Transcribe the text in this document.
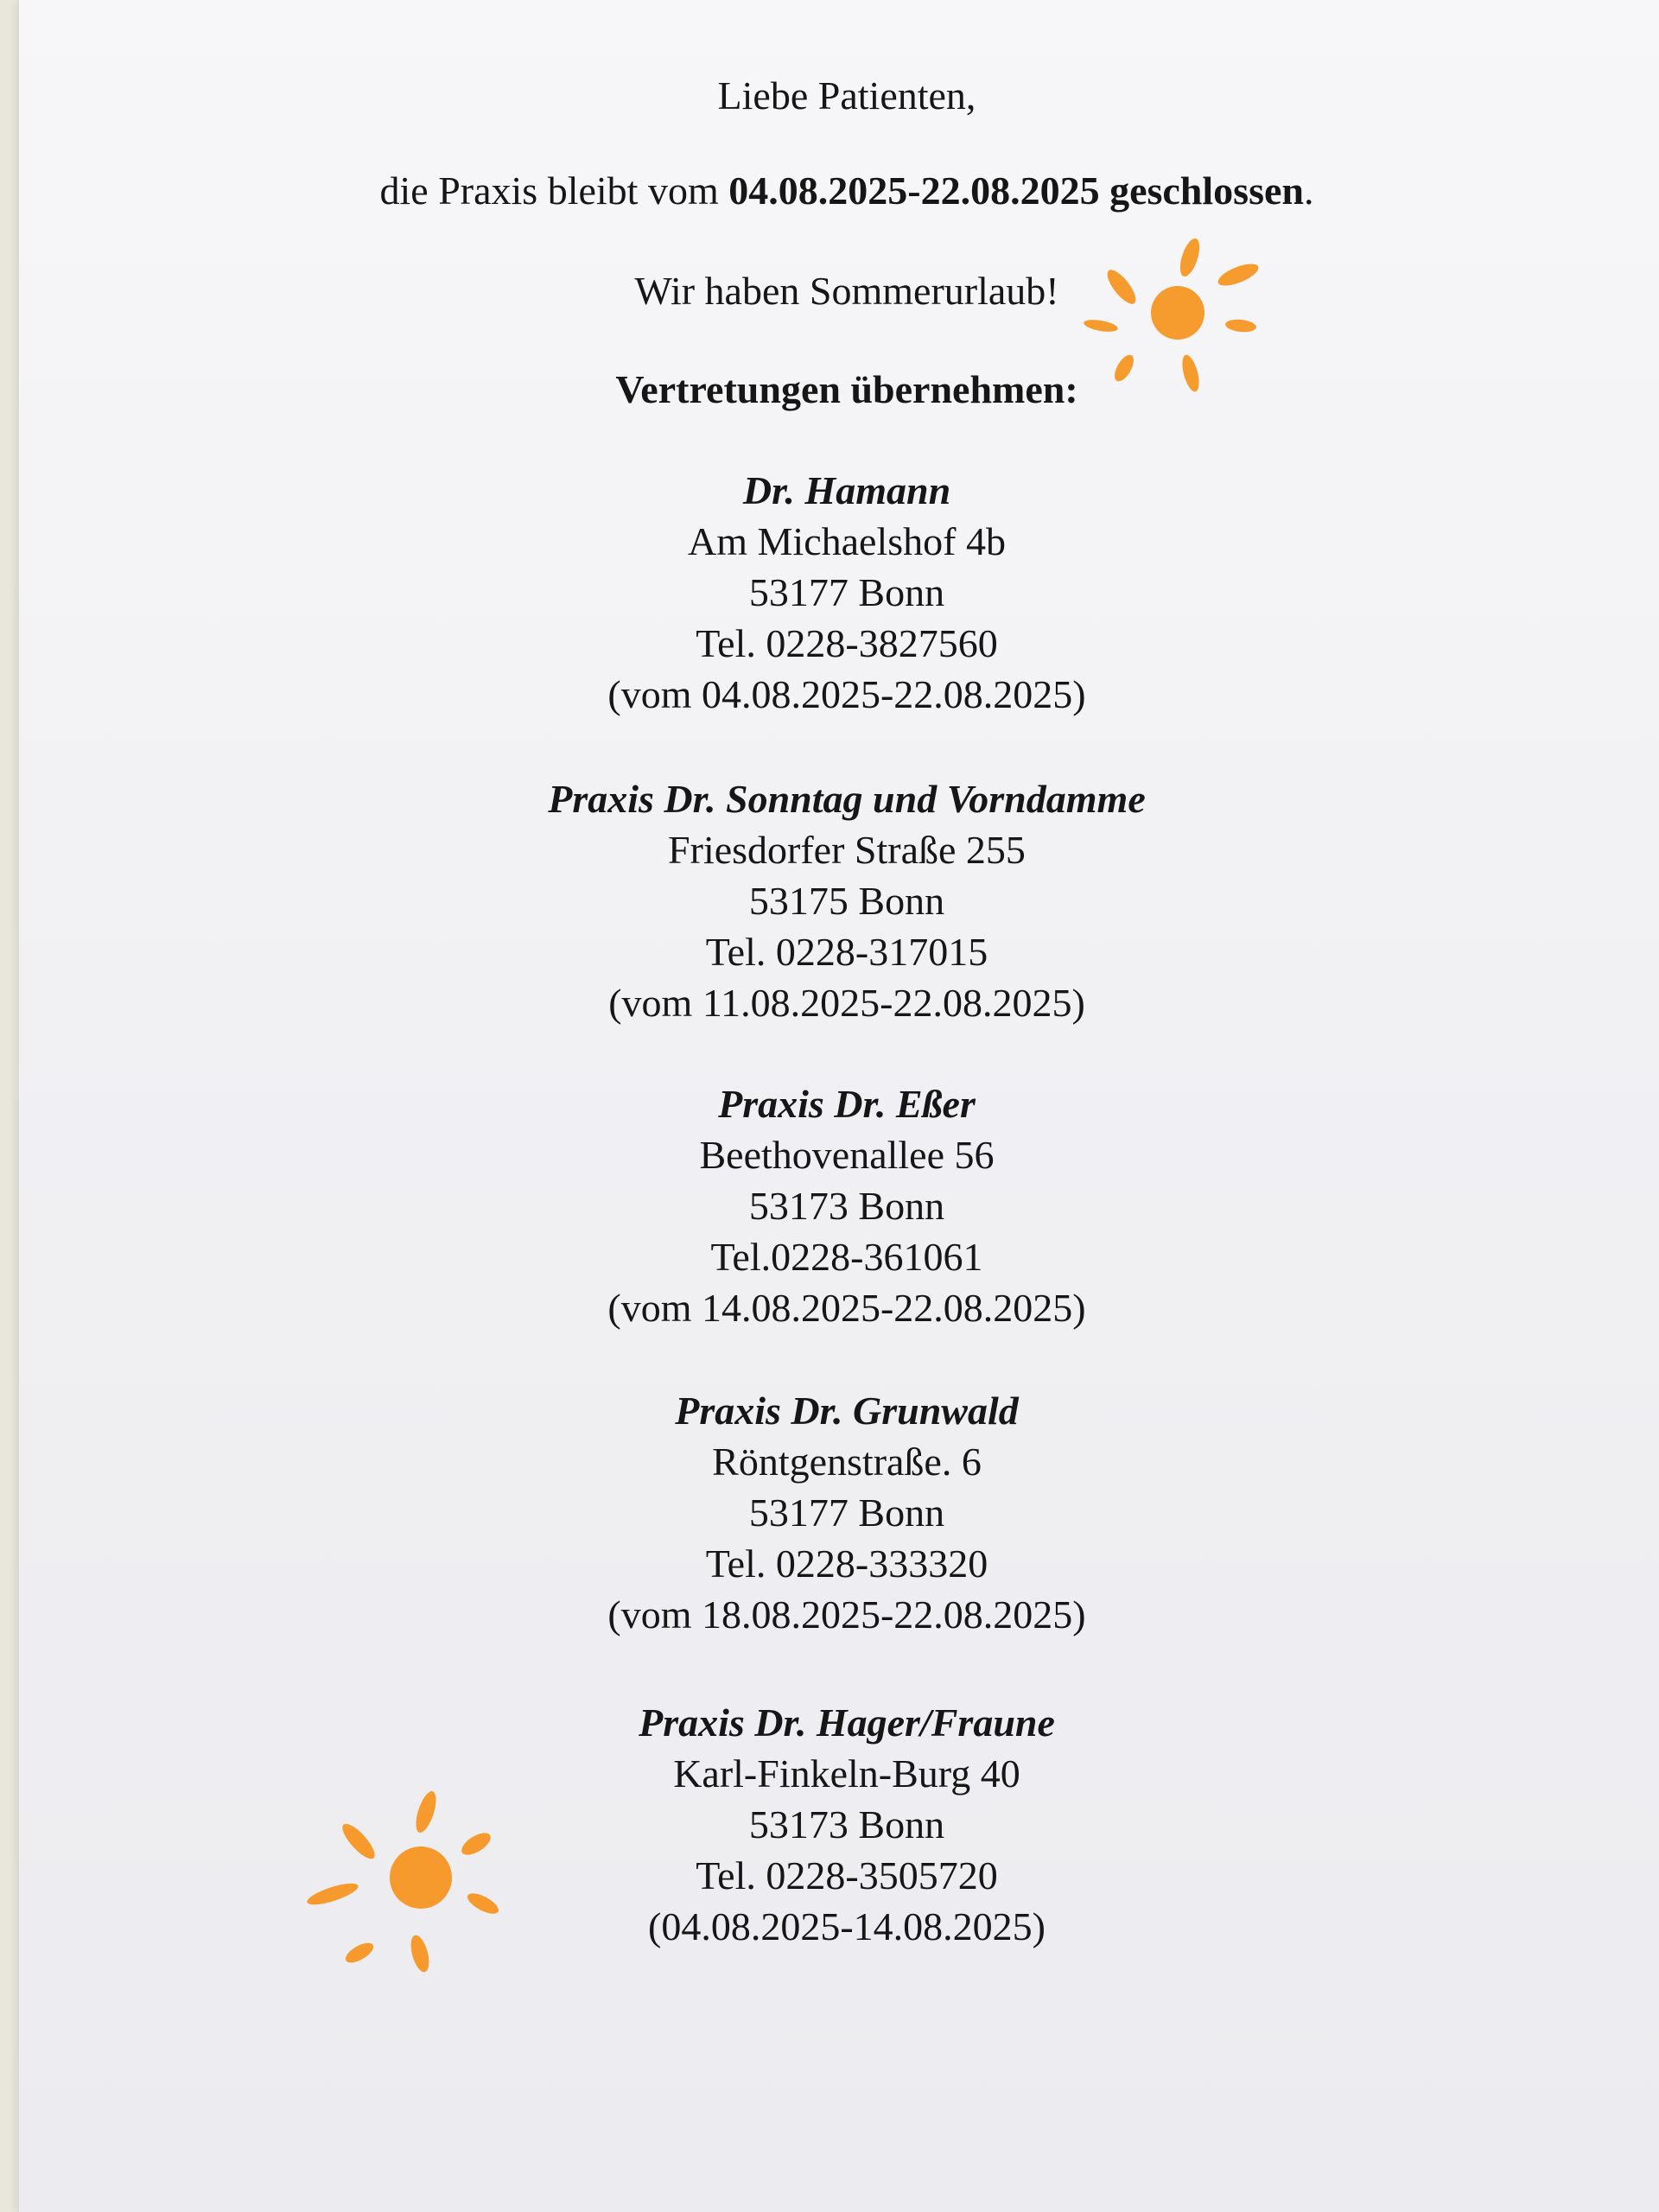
Liebe Patienten,
die Praxis bleibt vom 04.08.2025-22.08.2025 geschlossen.
Wir haben Sommerurlaub!
Vertretungen übernehmen:
Dr. Hamann
Am Michaelshof 4b
53177 Bonn
Tel. 0228-3827560
(vom 04.08.2025-22.08.2025)
Praxis Dr. Sonntag und Vorndamme
Friesdorfer Straße 255
53175 Bonn
Tel. 0228-317015
(vom 11.08.2025-22.08.2025)
Praxis Dr. Eßer
Beethovenallee 56
53173 Bonn
Tel.0228-361061
(vom 14.08.2025-22.08.2025)
Praxis Dr. Grunwald
Röntgenstraße. 6
53177 Bonn
Tel. 0228-333320
(vom 18.08.2025-22.08.2025)
Praxis Dr. Hager/Fraune
Karl-Finkeln-Burg 40
53173 Bonn
Tel. 0228-3505720
(04.08.2025-14.08.2025)
